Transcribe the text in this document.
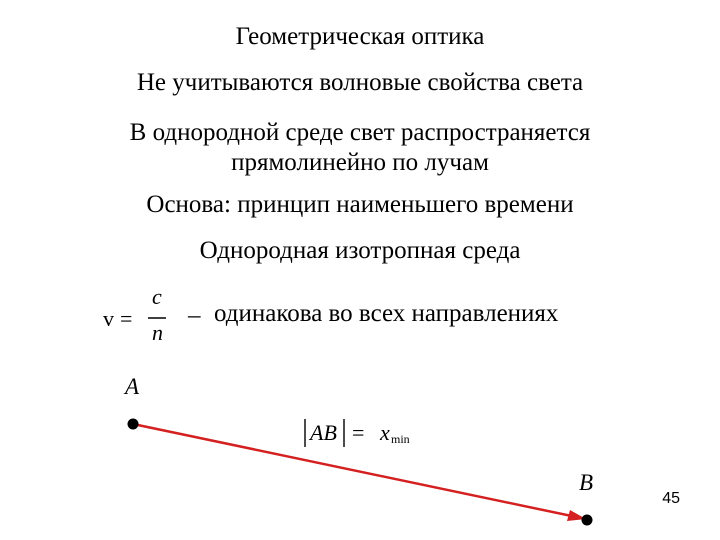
Геометрическая оптика
Не учитываются волновые свойства света
В однородной среде свет распространяется
прямолинейно по лучам
Основа: принцип наименьшего времени
Однородная изотропная среда
v =
c
n
– одинакова во всех направлениях
A
B
AB = x min
45
